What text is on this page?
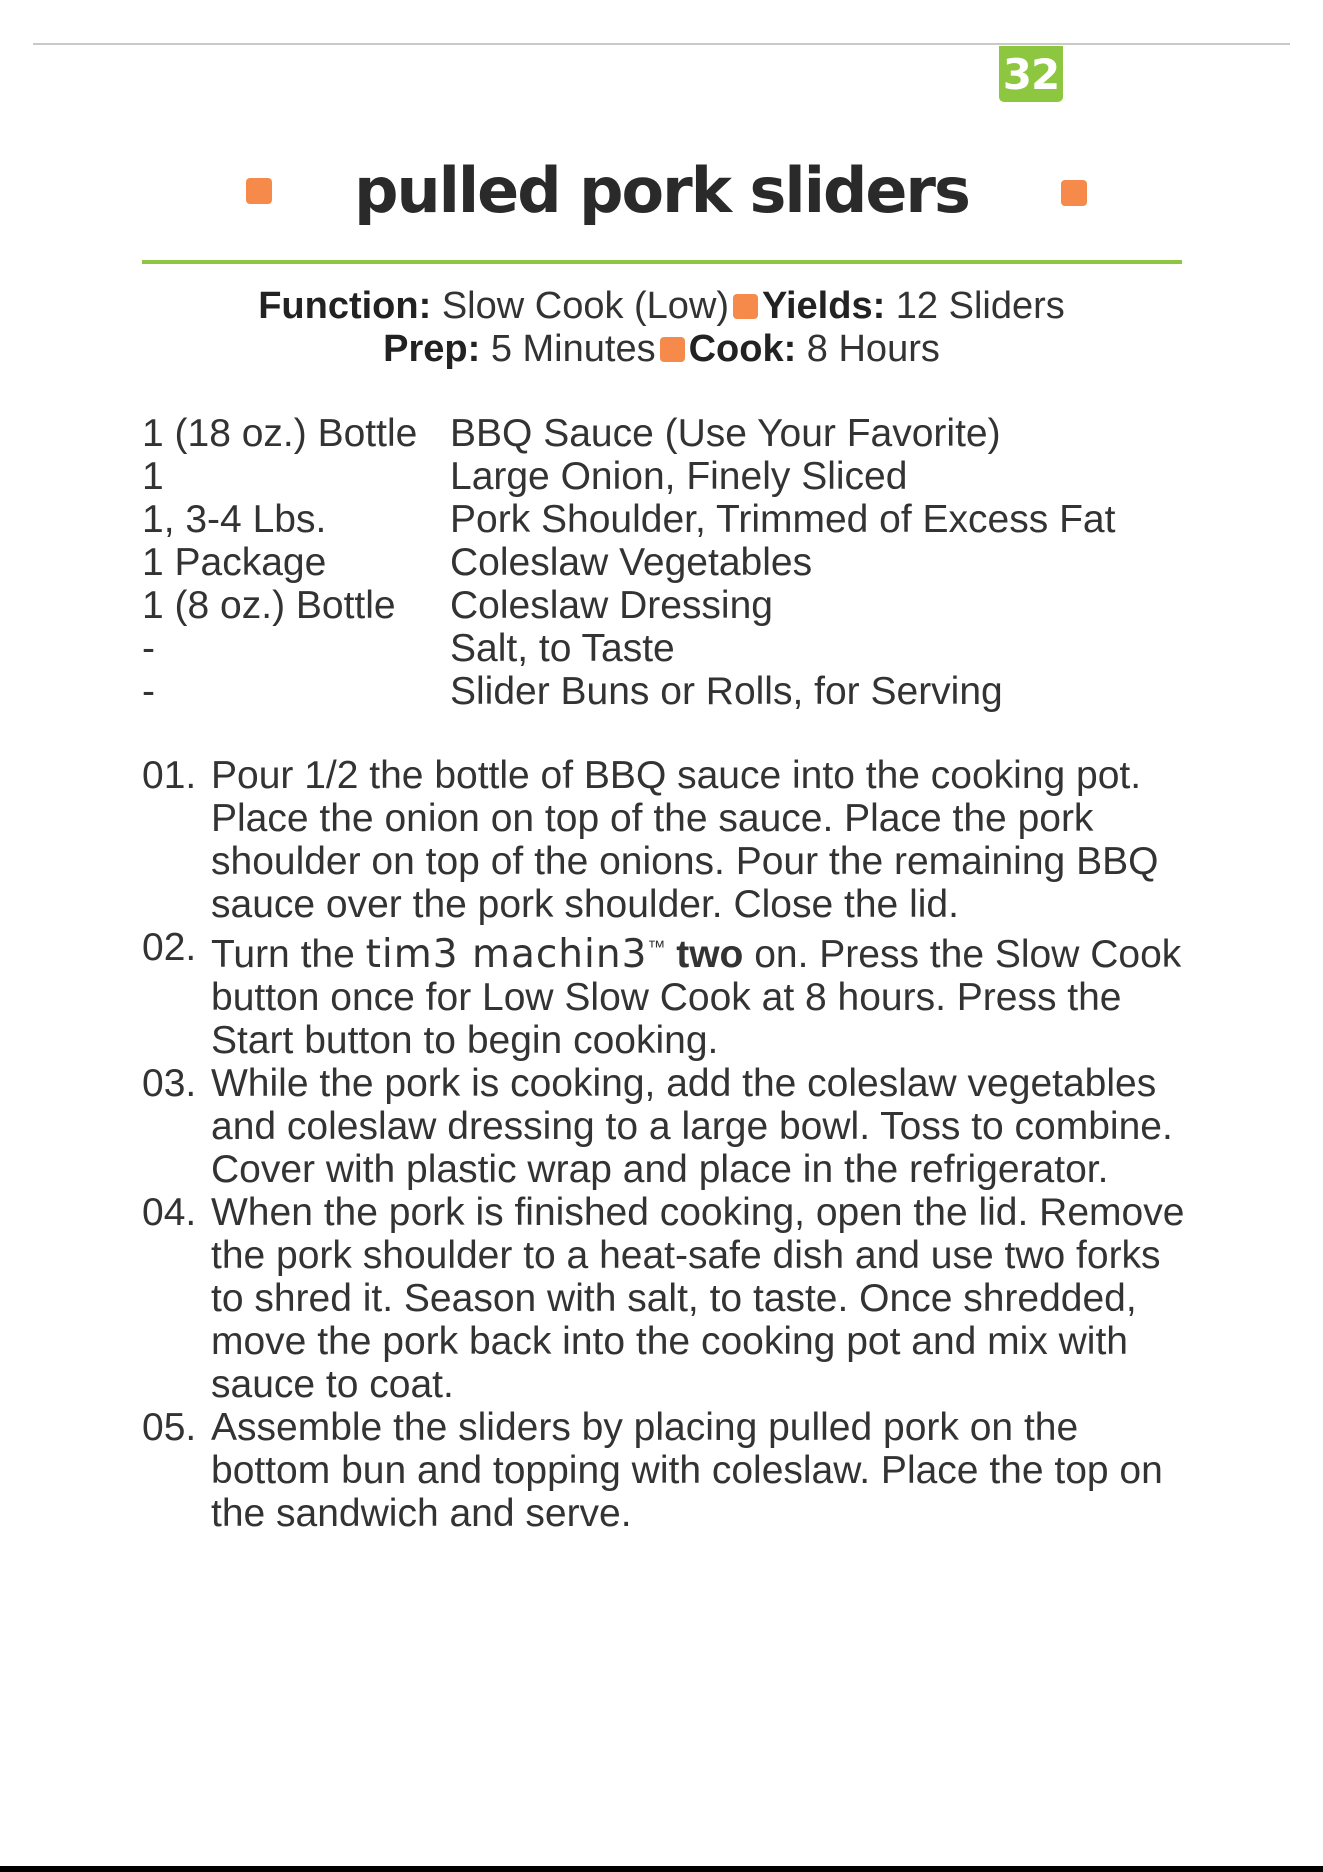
32
pulled pork sliders
Function: Slow Cook (Low) Yields: 12 Sliders
Prep: 5 Minutes Cook: 8 Hours
1 (18 oz.) Bottle	BBQ Sauce (Use Your Favorite)
1	Large Onion, Finely Sliced
1, 3-4 Lbs.	Pork Shoulder, Trimmed of Excess Fat
1 Package	Coleslaw Vegetables
1 (8 oz.) Bottle	Coleslaw Dressing
-	Salt, to Taste
-	Slider Buns or Rolls, for Serving
01. Pour 1/2 the bottle of BBQ sauce into the cooking pot. Place the onion on top of the sauce. Place the pork shoulder on top of the onions. Pour the remaining BBQ sauce over the pork shoulder. Close the lid.
02. Turn the tim3 machin3™ two on. Press the Slow Cook button once for Low Slow Cook at 8 hours. Press the Start button to begin cooking.
03. While the pork is cooking, add the coleslaw vegetables and coleslaw dressing to a large bowl. Toss to combine. Cover with plastic wrap and place in the refrigerator.
04. When the pork is finished cooking, open the lid. Remove the pork shoulder to a heat-safe dish and use two forks to shred it. Season with salt, to taste. Once shredded, move the pork back into the cooking pot and mix with sauce to coat.
05. Assemble the sliders by placing pulled pork on the bottom bun and topping with coleslaw. Place the top on the sandwich and serve.
